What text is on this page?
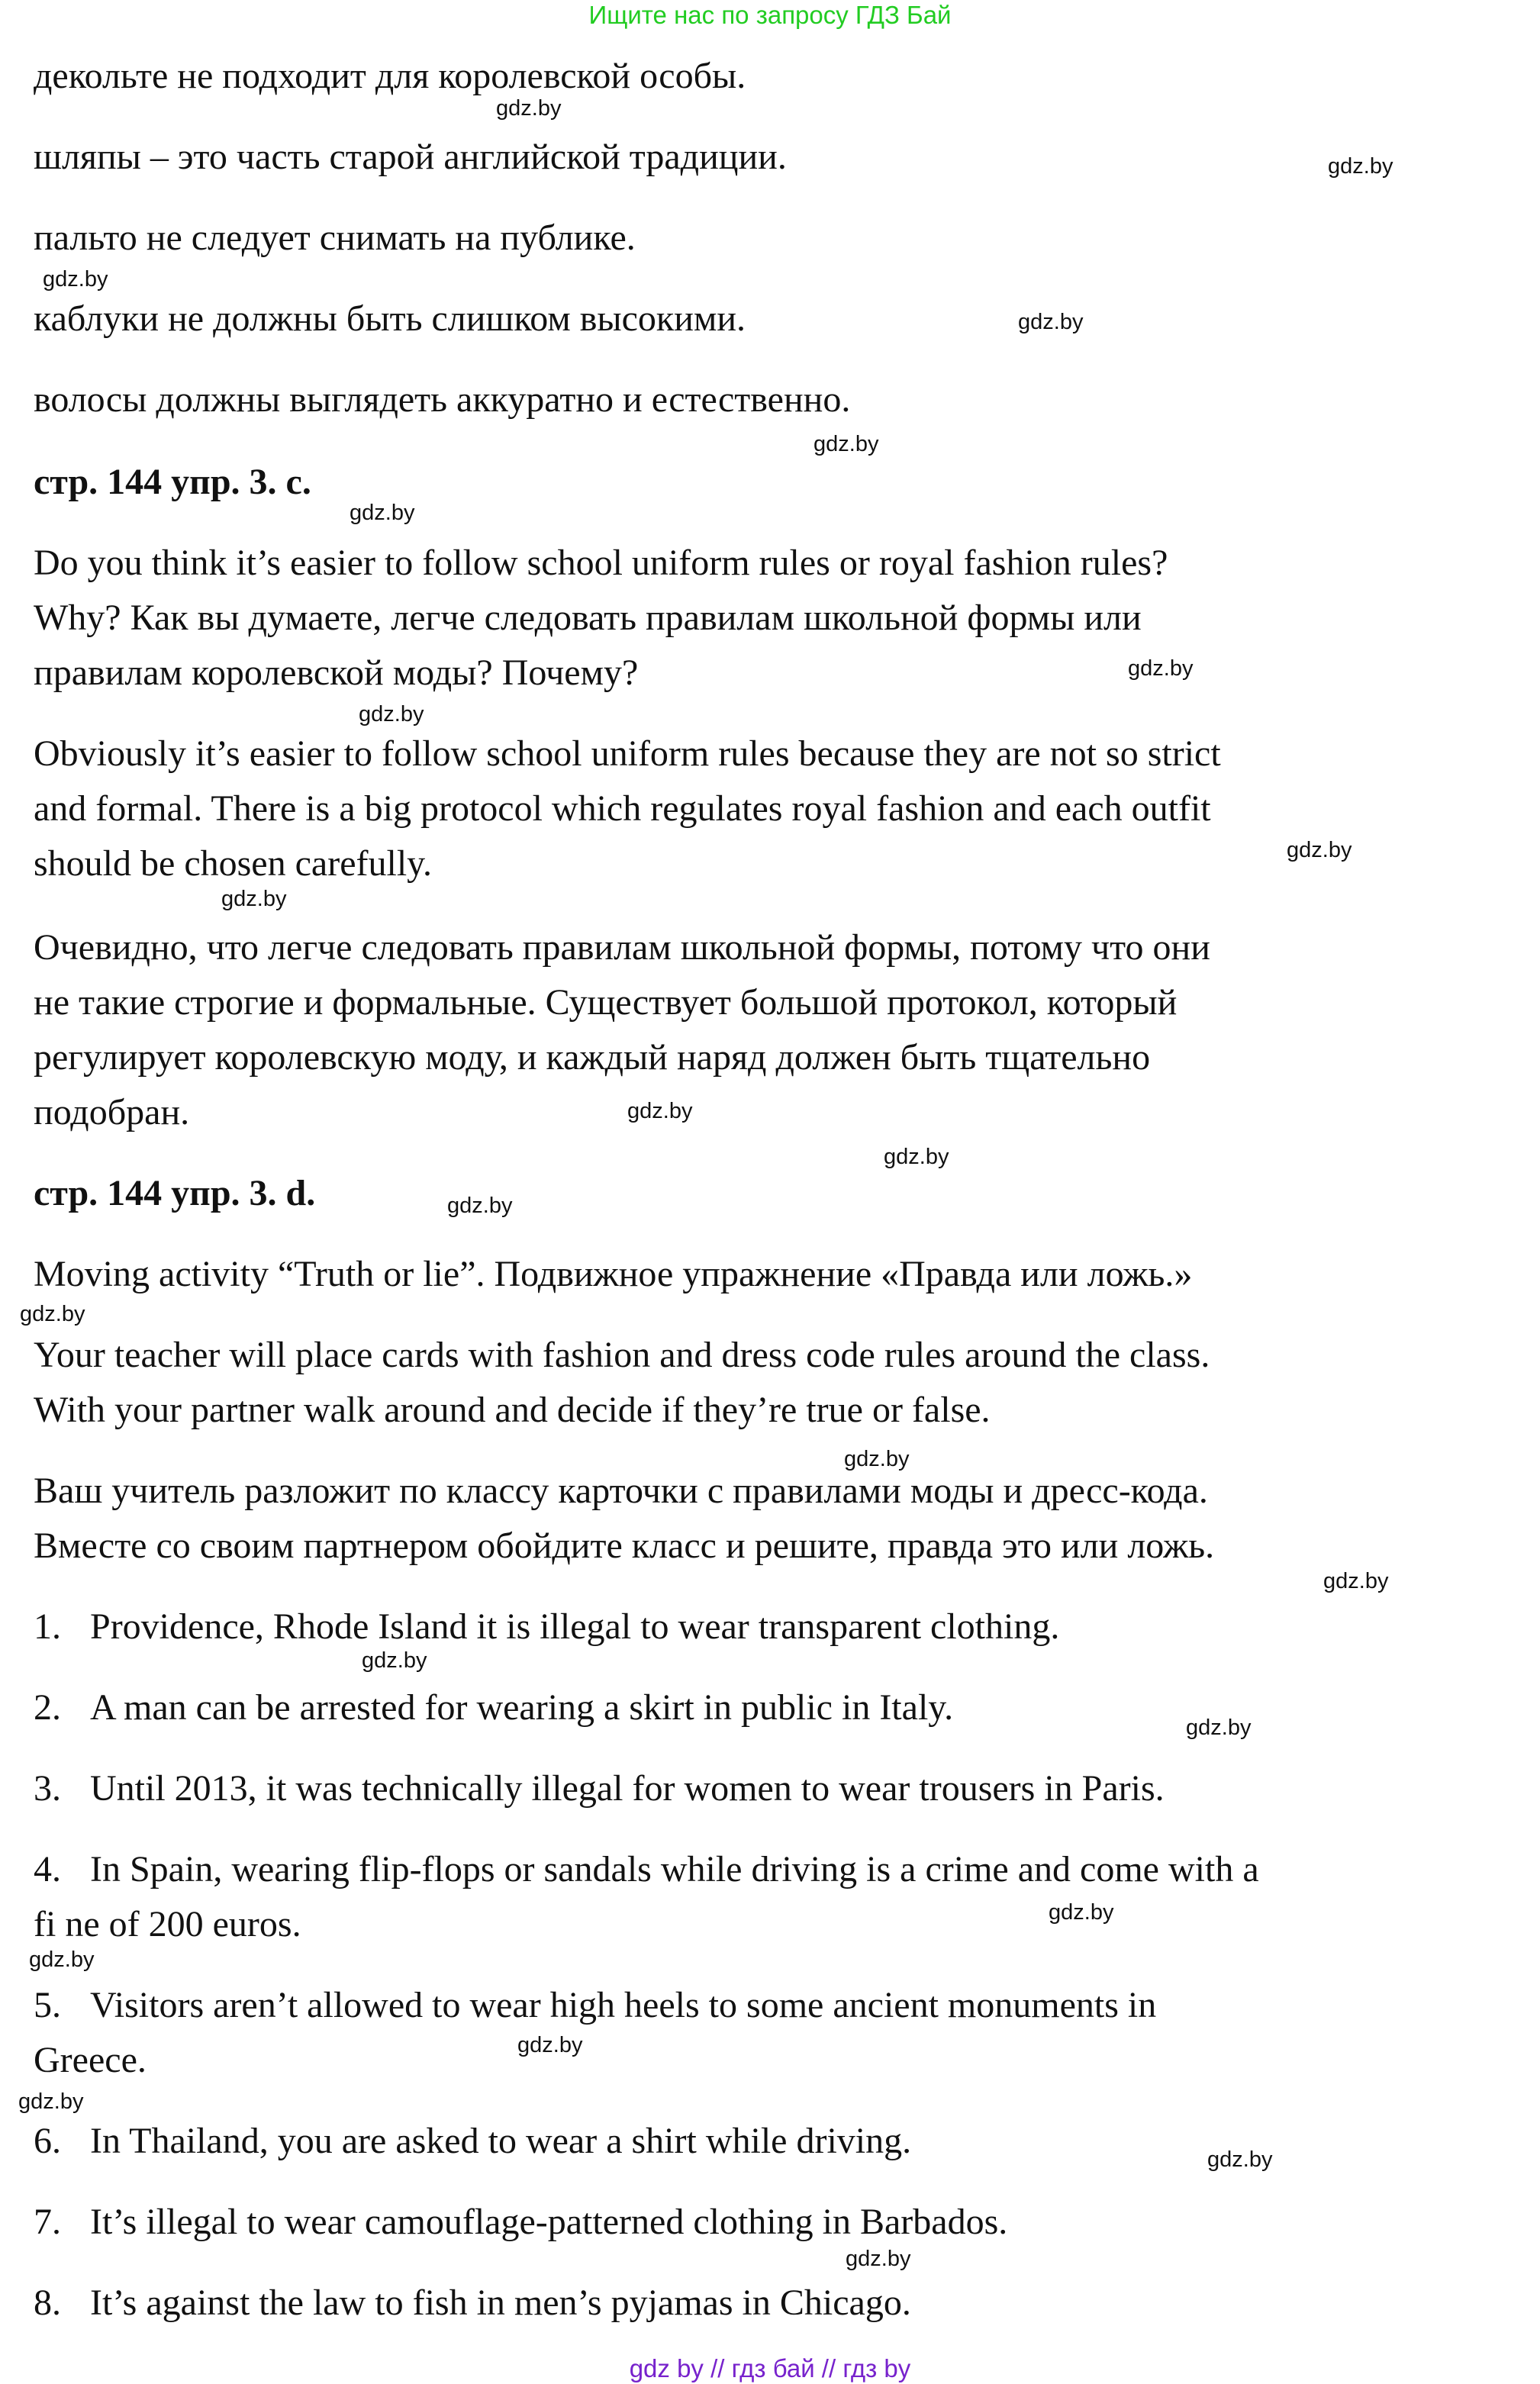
Ищите нас по запросу ГДЗ Бай
декольте не подходит для королевской особы.
шляпы – это часть старой английской традиции.
пальто не следует снимать на публике.
каблуки не должны быть слишком высокими.
волосы должны выглядеть аккуратно и естественно.
стр. 144 упр. 3. c.
Do you think it’s easier to follow school uniform rules or royal fashion rules?
Why? Как вы думаете, легче следовать правилам школьной формы или
правилам королевской моды? Почему?
Obviously it’s easier to follow school uniform rules because they are not so strict
and formal. There is a big protocol which regulates royal fashion and each outfit
should be chosen carefully.
Очевидно, что легче следовать правилам школьной формы, потому что они
не такие строгие и формальные. Существует большой протокол, который
регулирует королевскую моду, и каждый наряд должен быть тщательно
подобран.
стр. 144 упр. 3. d.
Moving activity “Truth or lie”. Подвижное упражнение «Правда или ложь.»
Your teacher will place cards with fashion and dress code rules around the class.
With your partner walk around and decide if they’re true or false.
Ваш учитель разложит по классу карточки с правилами моды и дресс-кода.
Вместе со своим партнером обойдите класс и решите, правда это или ложь.
1. Providence, Rhode Island it is illegal to wear transparent clothing.
2. A man can be arrested for wearing a skirt in public in Italy.
3. Until 2013, it was technically illegal for women to wear trousers in Paris.
4. In Spain, wearing flip-flops or sandals while driving is a crime and come with a
fi ne of 200 euros.
5. Visitors aren’t allowed to wear high heels to some ancient monuments in
Greece.
6. In Thailand, you are asked to wear a shirt while driving.
7. It’s illegal to wear camouflage-patterned clothing in Barbados.
8. It’s against the law to fish in men’s pyjamas in Chicago.
gdz.by
gdz.by
gdz.by
gdz.by
gdz.by
gdz.by
gdz.by
gdz.by
gdz.by
gdz.by
gdz.by
gdz.by
gdz.by
gdz.by
gdz.by
gdz.by
gdz.by
gdz.by
gdz.by
gdz.by
gdz.by
gdz.by
gdz.by
gdz.by
gdz by // гдз бай // гдз by
